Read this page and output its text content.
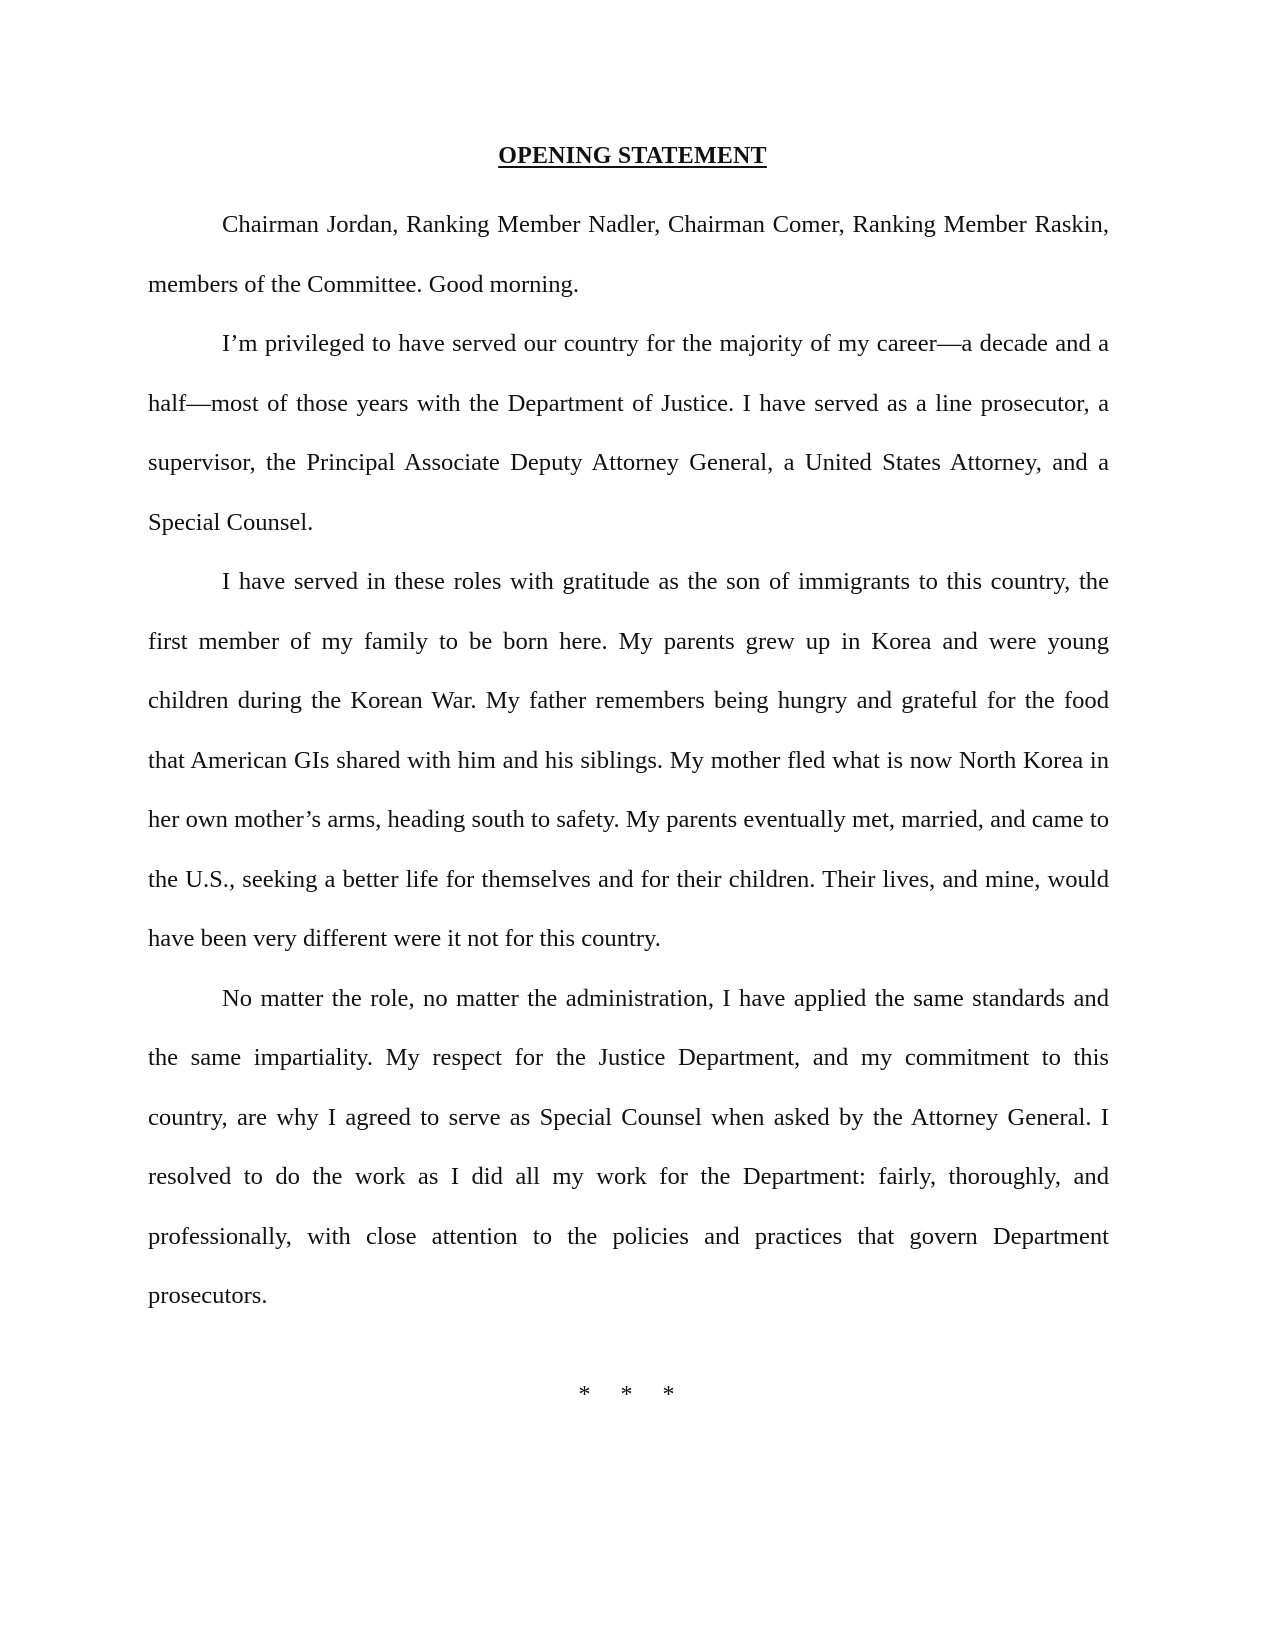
OPENING STATEMENT

Chairman Jordan, Ranking Member Nadler, Chairman Comer, Ranking Member Raskin, members of the Committee. Good morning.

I’m privileged to have served our country for the majority of my career—a decade and a half—most of those years with the Department of Justice. I have served as a line prosecutor, a supervisor, the Principal Associate Deputy Attorney General, a United States Attorney, and a Special Counsel.

I have served in these roles with gratitude as the son of immigrants to this country, the first member of my family to be born here. My parents grew up in Korea and were young children during the Korean War. My father remembers being hungry and grateful for the food that American GIs shared with him and his siblings. My mother fled what is now North Korea in her own mother’s arms, heading south to safety. My parents eventually met, married, and came to the U.S., seeking a better life for themselves and for their children. Their lives, and mine, would have been very different were it not for this country.

No matter the role, no matter the administration, I have applied the same standards and the same impartiality. My respect for the Justice Department, and my commitment to this country, are why I agreed to serve as Special Counsel when asked by the Attorney General. I resolved to do the work as I did all my work for the Department: fairly, thoroughly, and professionally, with close attention to the policies and practices that govern Department prosecutors.

* * *
